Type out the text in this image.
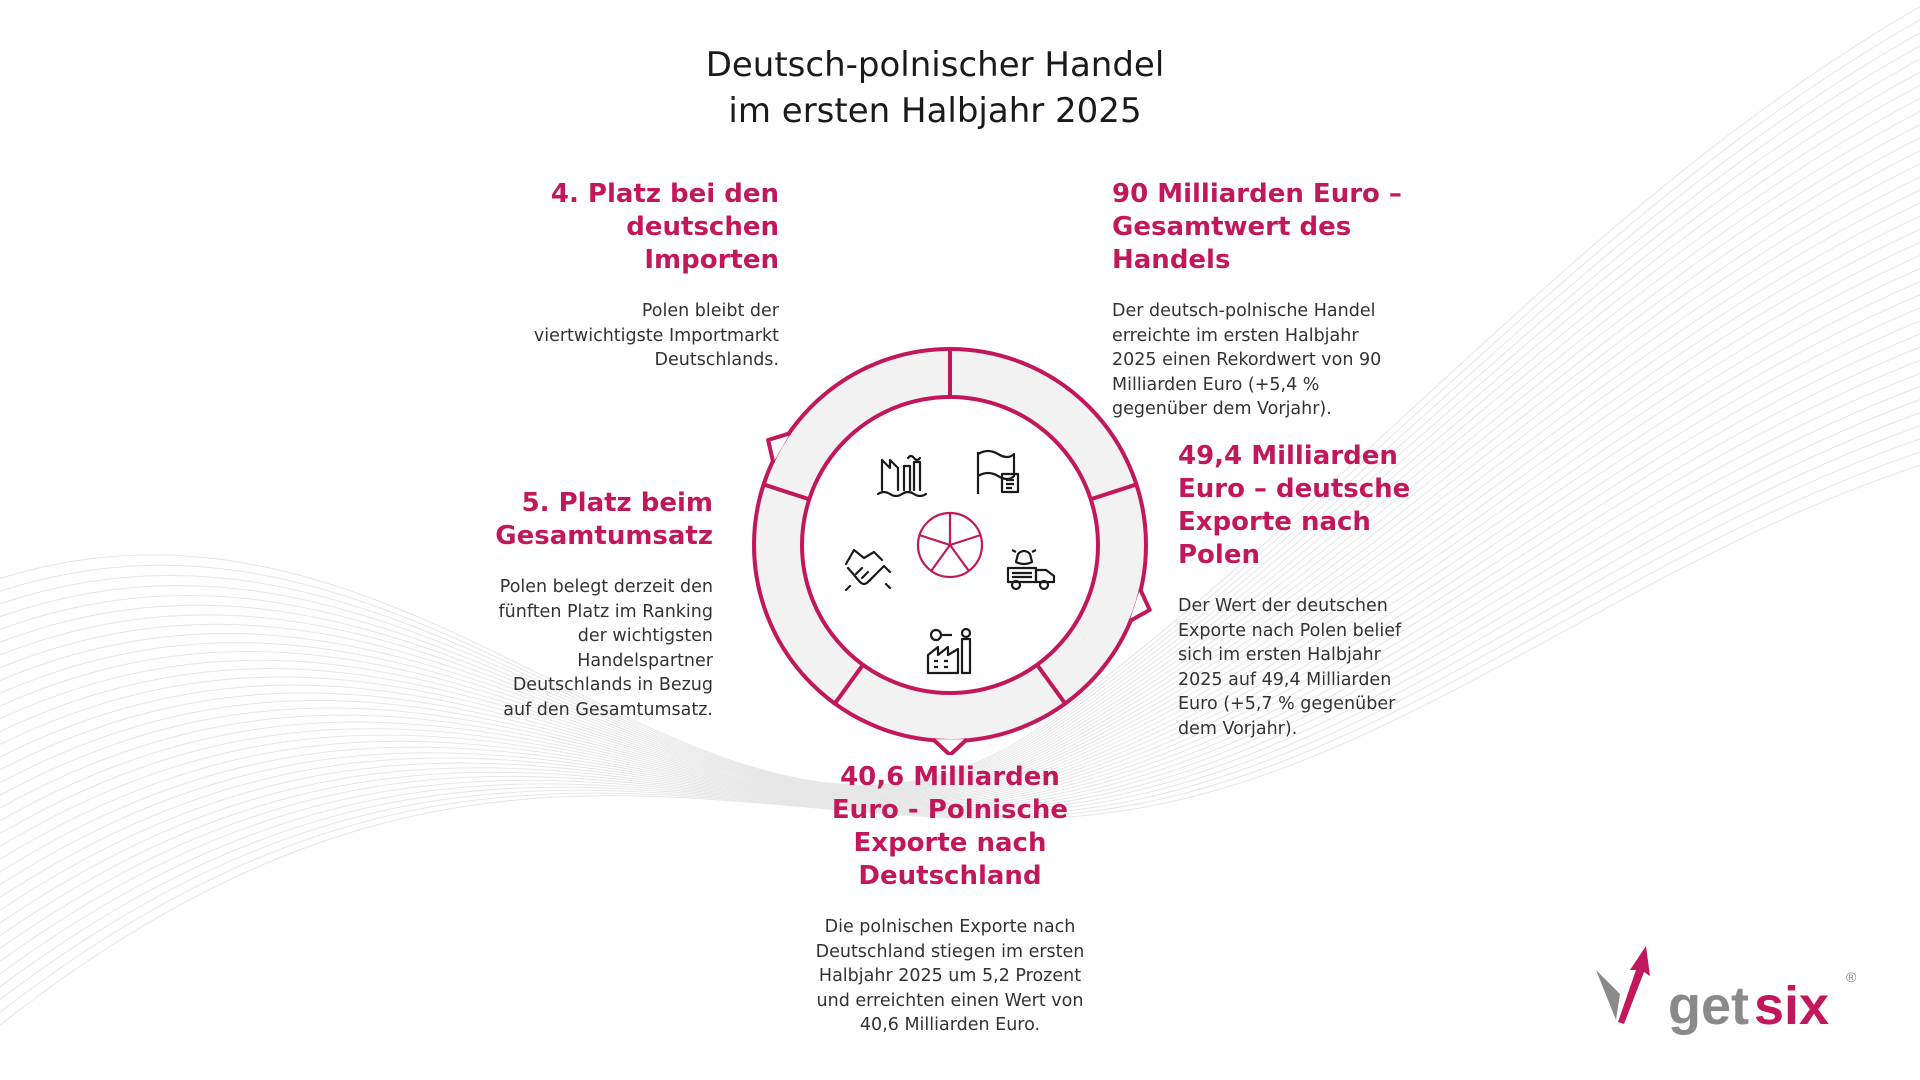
Deutsch-polnischer Handel
im ersten Halbjahr 2025
4. Platz bei den
deutschen
Importen

Polen bleibt der
viertwichtigste Importmarkt
Deutschlands.

90 Milliarden Euro –
Gesamtwert des
Handels

Der deutsch-polnische Handel
erreichte im ersten Halbjahr
2025 einen Rekordwert von 90
Milliarden Euro (+5,4 %
gegenüber dem Vorjahr).

49,4 Milliarden
Euro – deutsche
Exporte nach
Polen

Der Wert der deutschen
Exporte nach Polen belief
sich im ersten Halbjahr
2025 auf 49,4 Milliarden
Euro (+5,7 % gegenüber
dem Vorjahr).

5. Platz beim
Gesamtumsatz

Polen belegt derzeit den
fünften Platz im Ranking
der wichtigsten
Handelspartner
Deutschlands in Bezug
auf den Gesamtumsatz.

40,6 Milliarden
Euro - Polnische
Exporte nach
Deutschland

Die polnischen Exporte nach
Deutschland stiegen im ersten
Halbjahr 2025 um 5,2 Prozent
und erreichten einen Wert von
40,6 Milliarden Euro.	get six ®
